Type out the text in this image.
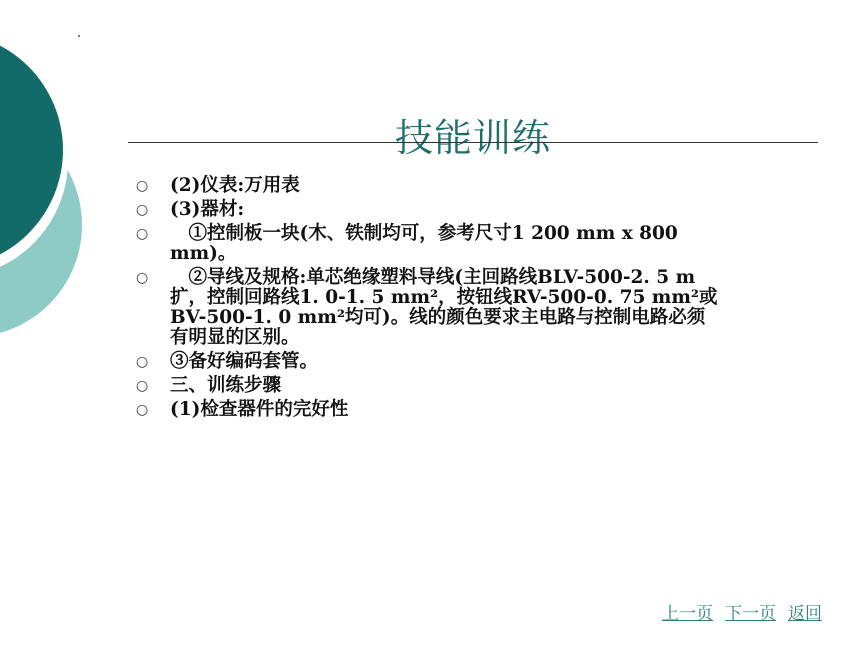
技能训练
○	(2)仪表:万用表
○	(3)器材:
○	　①控制板一块(木、铁制均可，参考尺寸1 200 mm x 800
mm)。
○	　②导线及规格:单芯绝缘塑料导线(主回路线BLV-500-2. 5 m
扩，控制回路线1. 0-1. 5 mm²，按钮线RV-500-0. 75 mm²或
BV-500-1. 0 mm²均可)。线的颜色要求主电路与控制电路必须
有明显的区别。
○	③备好编码套管。
○	三、训练步骤
○	(1)检查器件的完好性
上一页 下一页 返回
